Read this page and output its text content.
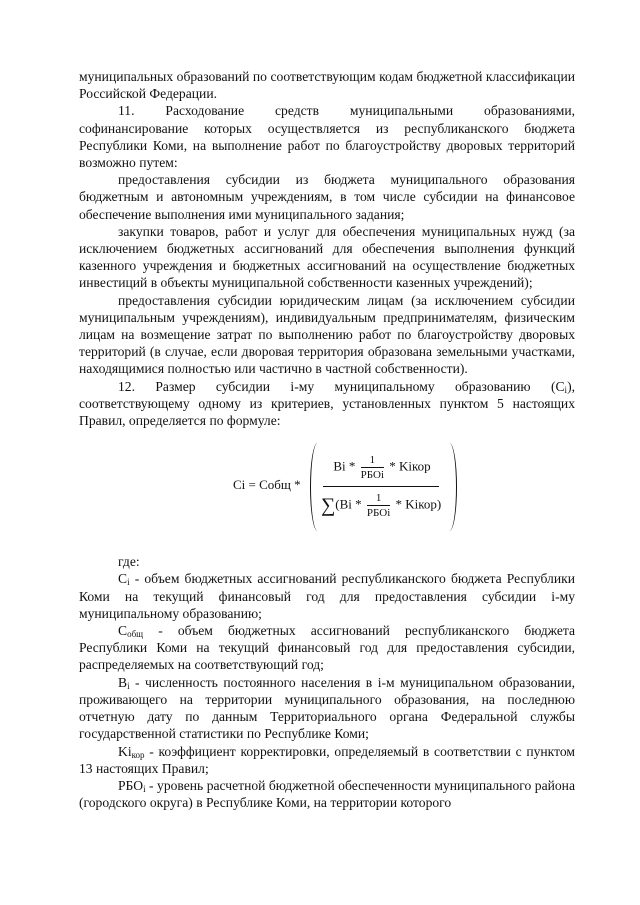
муниципальных образований по соответствующим кодам бюджетной классификации Российской Федерации.

11. Расходование средств муниципальными образованиями, софинансирование которых осуществляется из республиканского бюджета Республики Коми, на выполнение работ по благоустройству дворовых территорий возможно путем:

предоставления субсидии из бюджета муниципального образования бюджетным и автономным учреждениям, в том числе субсидии на финансовое обеспечение выполнения ими муниципального задания;

закупки товаров, работ и услуг для обеспечения муниципальных нужд (за исключением бюджетных ассигнований для обеспечения выполнения функций казенного учреждения и бюджетных ассигнований на осуществление бюджетных инвестиций в объекты муниципальной собственности казенных учреждений);

предоставления субсидии юридическим лицам (за исключением субсидии муниципальным учреждениям), индивидуальным предпринимателям, физическим лицам на возмещение затрат по выполнению работ по благоустройству дворовых территорий (в случае, если дворовая территория образована земельными участками, находящимися полностью или частично в частной собственности).

12. Размер субсидии i-му муниципальному образованию $(C_i)$, соответствующему одному из критериев, установленных пунктом 5 настоящих Правил, определяется по формуле:

Ci = Cобщ *
Bi *	1
РБОi
* Kiкор
∑(Bi *	1
РБОi
* Kiкор)

где:

$C_i$ - объем бюджетных ассигнований республиканского бюджета Республики Коми на текущий финансовый год для предоставления субсидии i-му муниципальному образованию;

$C_{общ}$ - объем бюджетных ассигнований республиканского бюджета Республики Коми на текущий финансовый год для предоставления субсидии, распределяемых на соответствующий год;

$B_i$ - численность постоянного населения в i-м муниципальном образовании, проживающего на территории муниципального образования, на последнюю отчетную дату по данным Территориального органа Федеральной службы государственной статистики по Республике Коми;

$Ki_{кор}$ - коэффициент корректировки, определяемый в соответствии с пунктом 13 настоящих Правил;

$РБО_i$ - уровень расчетной бюджетной обеспеченности муниципального района (городского округа) в Республике Коми, на территории которого
